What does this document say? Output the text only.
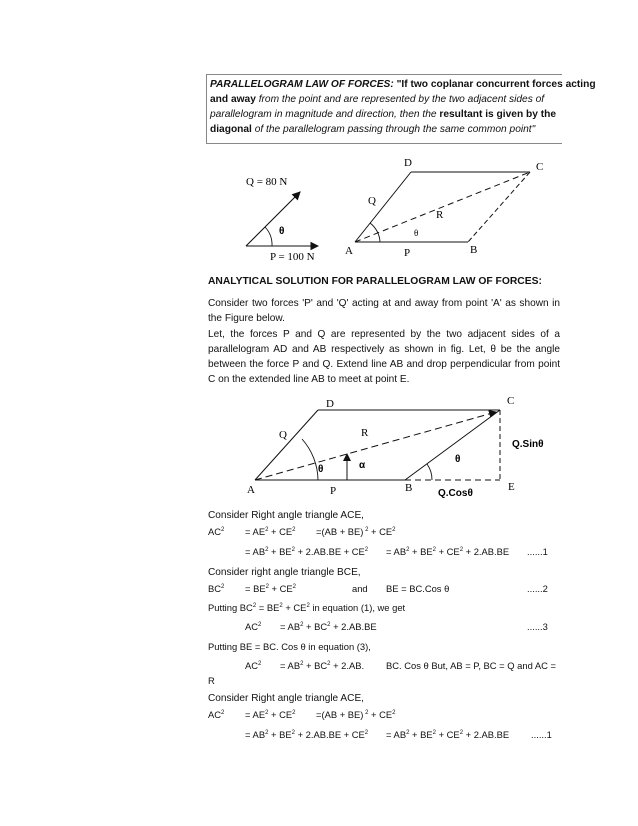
PARALLELOGRAM LAW OF FORCES: "If two coplanar concurrent forces acting
and away from the point and are represented by the two adjacent sides of
parallelogram in magnitude and direction, then the resultant is given by the
diagonal of the parallelogram passing through the same common point"
Q = 80 N
P = 100 N
θ
D	C
A	B
P
Q
R
θ
ANALYTICAL SOLUTION FOR PARALLELOGRAM LAW OF FORCES:
Consider two forces 'P' and 'Q' acting at and away from point 'A' as shown in the Figure below.
Let, the forces P and Q are represented by the two adjacent sides of a parallelogram AD and AB respectively as shown in fig. Let, θ be the angle between the force P and Q. Extend line AB and drop perpendicular from point C on the extended line AB to meet at point E.
D	C
Q	R
Q.Sinθ
θ
θ	α
A	P	B	E
Q.Cosθ
Consider Right angle triangle ACE,
$AC^2 = AE^2 + CE^2 =(AB + BE) ^2 + CE^2$
= $AB^2 + BE^2 + 2.AB.BE + CE^2 = AB^2 + BE^2 + CE^2 + 2.AB.BE$ ......1
Consider right angle triangle BCE,
$BC^2 = BE^2 + CE^2$	and BE = BC.Cos θ	......2
Putting $BC^2 = BE^2 + CE^2$ in equation (1), we get
$AC^2 = AB^2 + BC^2 + 2.AB.BE$	......3
Putting BE = BC. Cos θ in equation (3),
$AC^2 = AB^2 + BC^2 + 2.AB$. BC. Cos θ But, AB = P, BC = Q and AC =
R
Consider Right angle triangle ACE,
$AC^2 = AE^2 + CE^2 =(AB + BE) ^2 + CE^2$
= $AB^2 + BE^2 + 2.AB.BE + CE^2 = AB^2 + BE^2 + CE^2 + 2.AB.BE$ ......1
